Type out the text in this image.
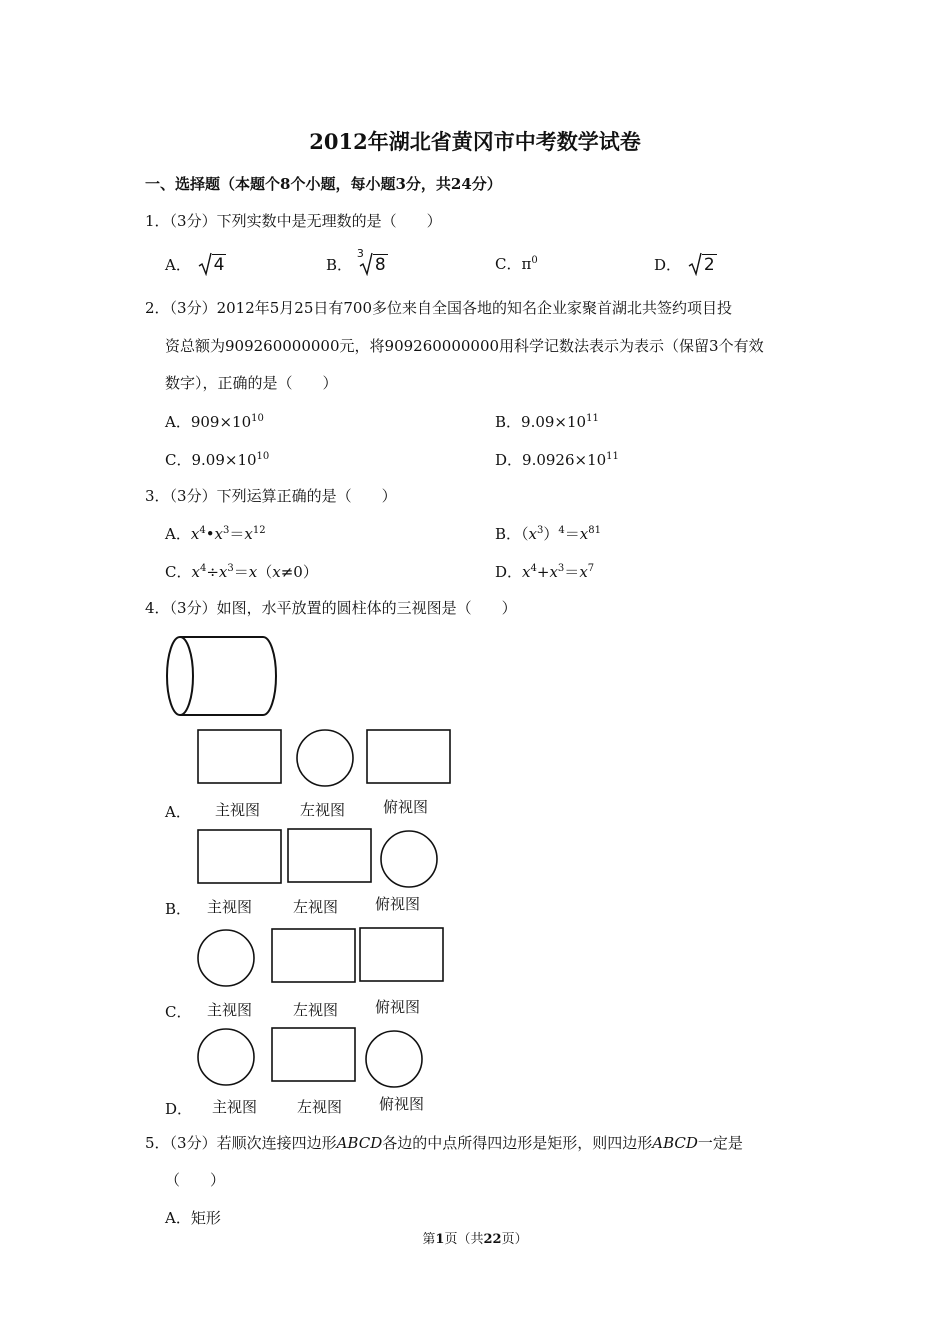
2012年湖北省黄冈市中考数学试卷
一、选择题（本题个8个小题，每小题3分，共24分）
1．（3分）下列实数中是无理数的是（　　）
A． 4	B．
3
8	C．$\pi^0$	D． 2
2．（3分）2012年5月25日有700多位来自全国各地的知名企业家聚首湖北共签约项目投
资总额为909260000000元，将909260000000用科学记数法表示为表示（保留3个有效
数字），正确的是（　　）
A．$909\times 10^{10}$	B．$9.09\times 10^{11}$
C．$9.09\times 10^{10}$	D．$9.0926\times 10^{11}$
3．（3分）下列运算正确的是（　　）
A．$x^4•x^3=x^{12}$	B．$(x^3)^4=x^{81}$
C．$x^4\div x^3=x(x\ne 0)$	D．$x^4+x^3=x^7$
4．（3分）如图，水平放置的圆柱体的三视图是（　　）
A． 主视图	左视图	俯视图
B． 主视图	左视图 俯视图
C． 主视图	左视图 俯视图
D． 主视图	左视图 俯视图
5．（3分）若顺次连接四边形ABCD各边的中点所得四边形是矩形，则四边形ABCD一定是
（　　）
A．矩形
第1页（共22页）
